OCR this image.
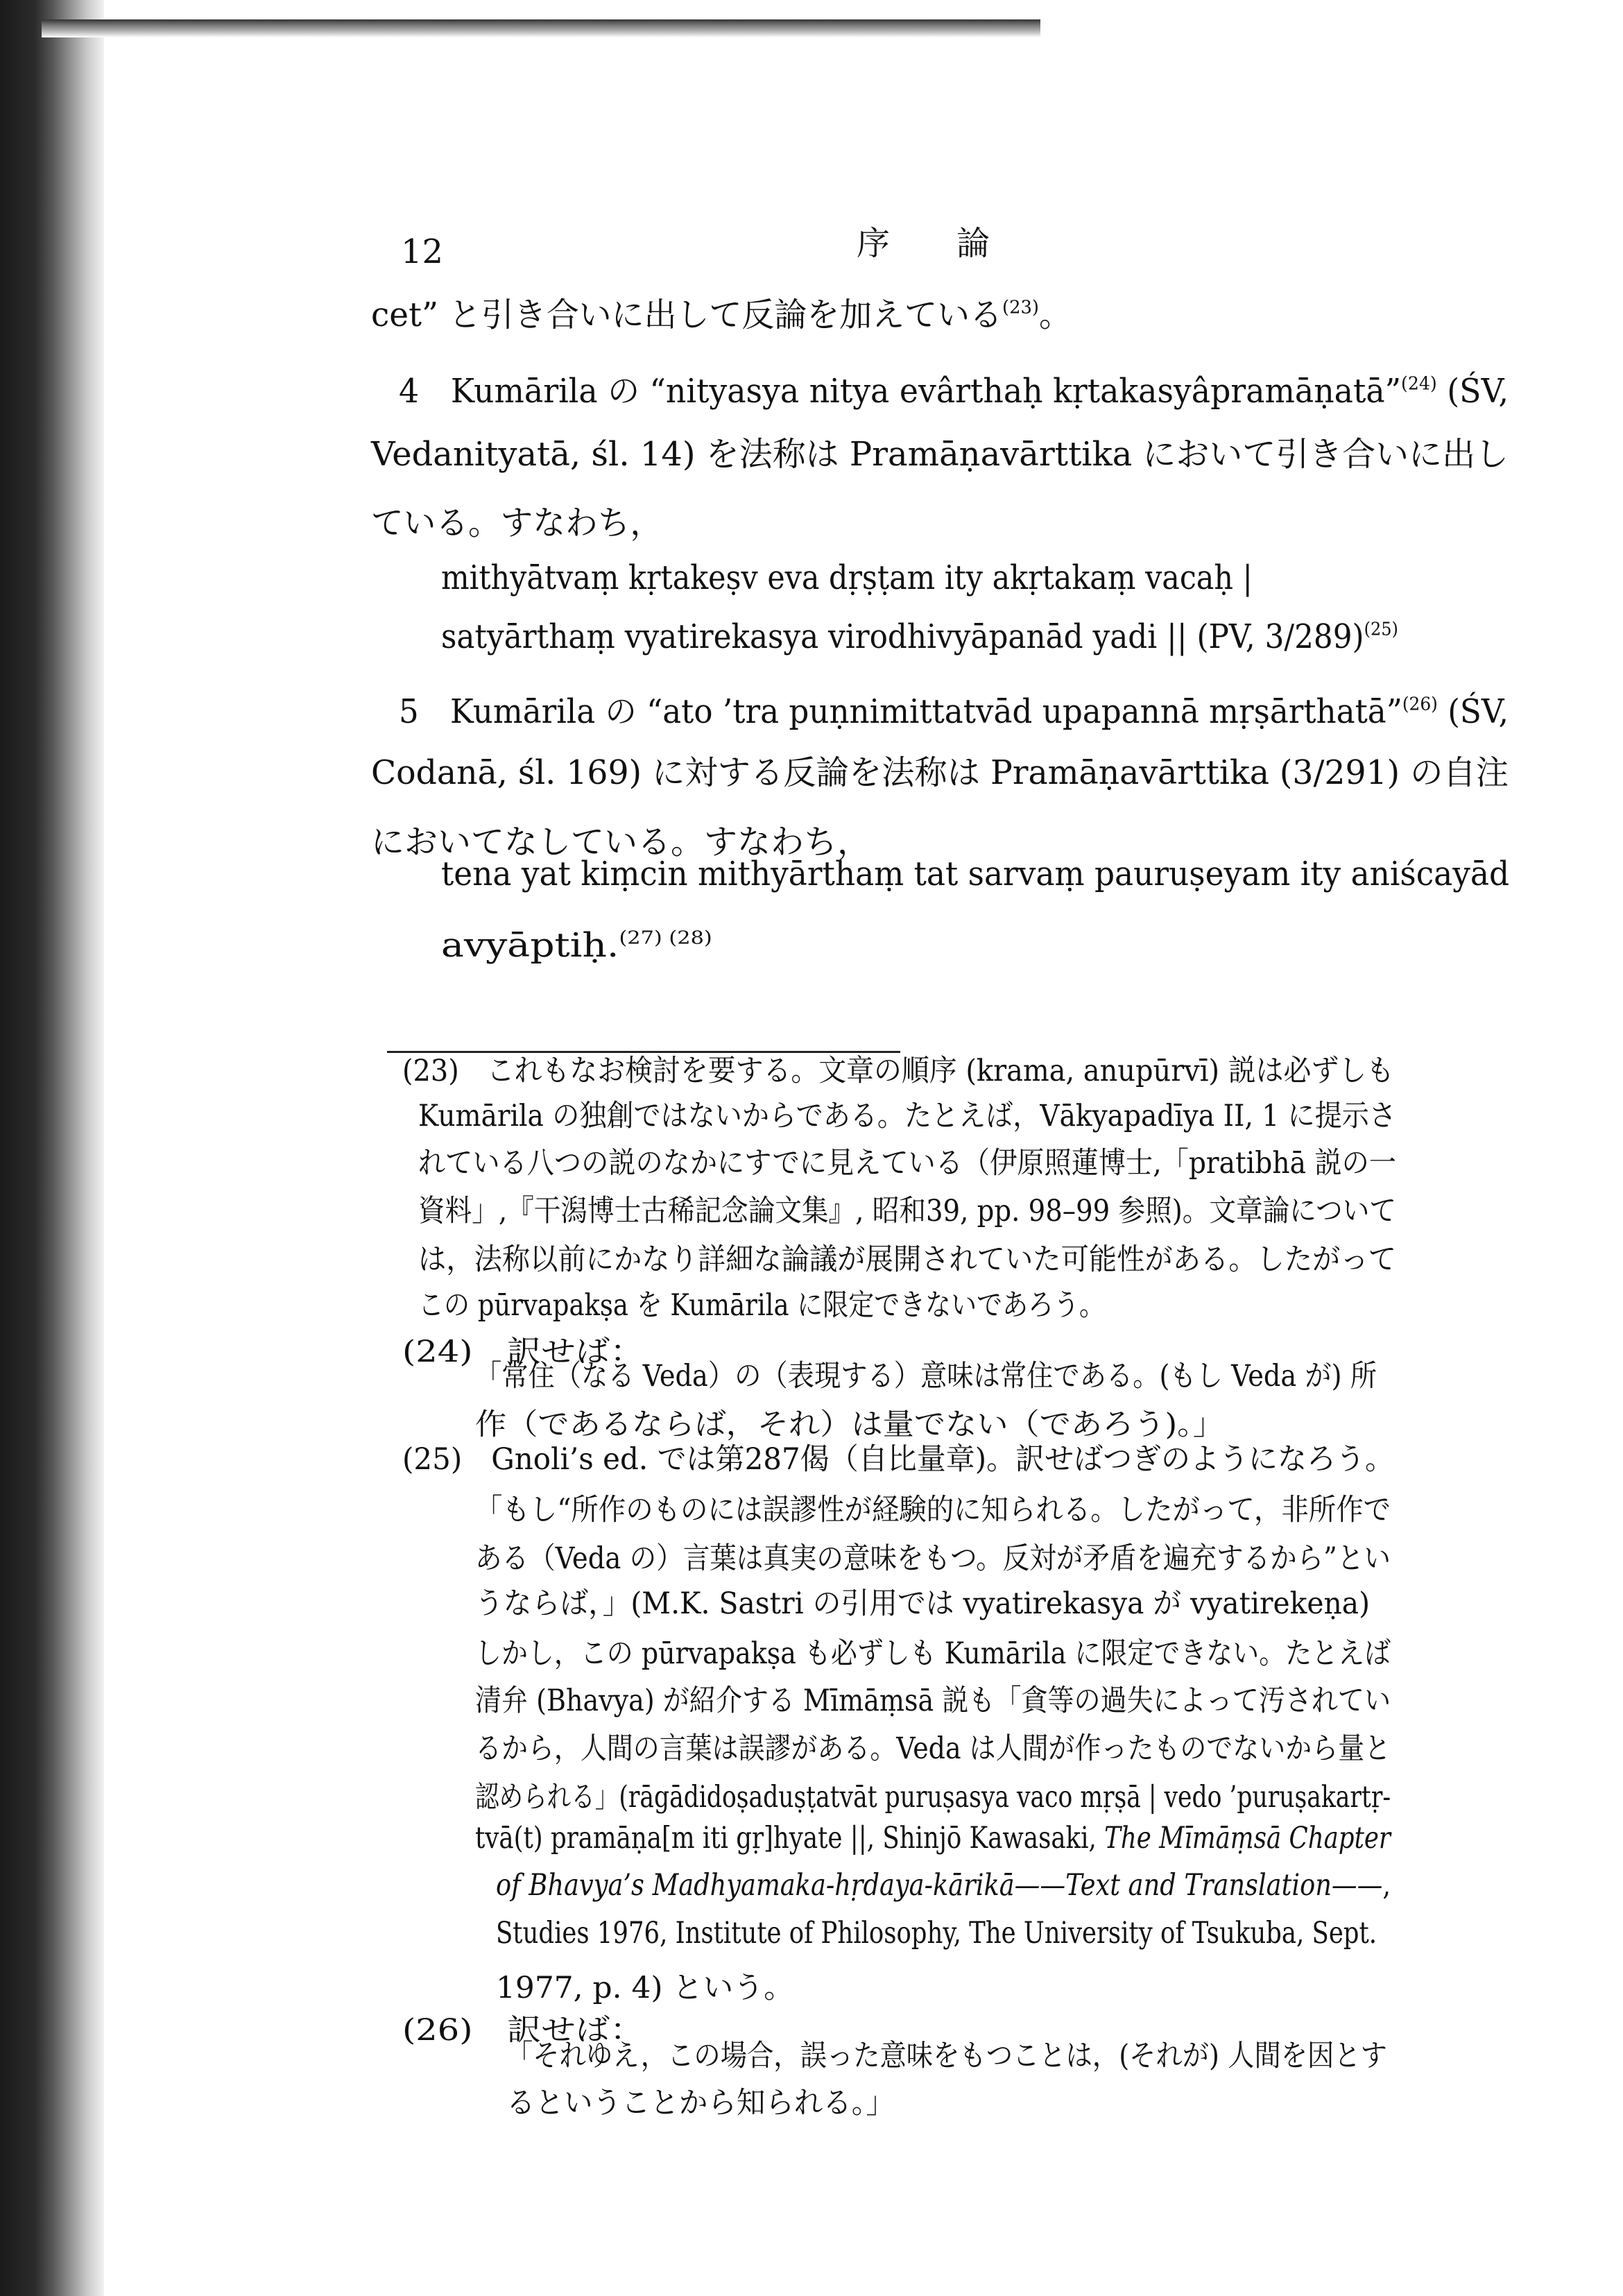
12	序　　論
cet” と引き合いに出して反論を加えている$^{(23)}$。
4　Kumārila の “nityasya nitya evârthaḥ kṛtakasyâpramāṇatā”$^{(24)}$ (ŚV,
Vedanityatā, śl. 14) を法称は Pramāṇavārttika において引き合いに出し
ている。すなわち，
mithyātvaṃ kṛtakeṣv eva dṛṣṭam ity akṛtakaṃ vacaḥ |
satyārthaṃ vyatirekasya virodhivyāpanād yadi || (PV, 3/289)$^{(25)}$
5　Kumārila の “ato ’tra puṇnimittatvād upapannā mṛṣārthatā”$^{(26)}$ (ŚV,
Codanā, śl. 169) に対する反論を法称は Pramāṇavārttika (3/291) の自注
においてなしている。すなわち，
tena yat kiṃcin mithyārthaṃ tat sarvaṃ pauruṣeyam ity aniścayād
avyāptiḥ.$^{(27) (28)}$
(23)　これもなお検討を要する。文章の順序 (krama, anupūrvī) 説は必ずしも
Kumārila の独創ではないからである。たとえば，Vākyapadīya II, 1 に提示さ
れている八つの説のなかにすでに見えている（伊原照蓮博士,「pratibhā 説の一
資料」,『干潟博士古稀記念論文集』, 昭和39, pp. 98–99 参照)。文章論について
は，法称以前にかなり詳細な論議が展開されていた可能性がある。したがって
この pūrvapakṣa を Kumārila に限定できないであろう。
(24)　訳せば：
「常住（なる Veda）の（表現する）意味は常住である。(もし Veda が) 所
作（であるならば，それ）は量でない（であろう)。」
(25)　Gnoli’s ed. では第287偈（自比量章)。訳せばつぎのようになろう。
「もし“所作のものには誤謬性が経験的に知られる。したがって，非所作で
ある（Veda の）言葉は真実の意味をもつ。反対が矛盾を遍充するから”とい
うならば，」(M.K. Sastri の引用では vyatirekasya が vyatirekeṇa)
しかし，この pūrvapakṣa も必ずしも Kumārila に限定できない。たとえば
清弁 (Bhavya) が紹介する Mīmāṃsā 説も「貪等の過失によって汚されてい
るから，人間の言葉は誤謬がある。Veda は人間が作ったものでないから量と
認められる」(rāgādidoṣaduṣṭatvāt puruṣasya vaco mṛṣā | vedo ’puruṣakartṛ-
tvā(t) pramāṇa[m iti gṛ]hyate ||, Shinjō Kawasaki, The Mīmāṃsā Chapter
of Bhavya’s Madhyamaka-hṛdaya-kārikā——Text and Translation——,
Studies 1976, Institute of Philosophy, The University of Tsukuba, Sept.
1977, p. 4) という。
(26)　訳せば：
「それゆえ，この場合，誤った意味をもつことは，(それが) 人間を因とす
るということから知られる。」
